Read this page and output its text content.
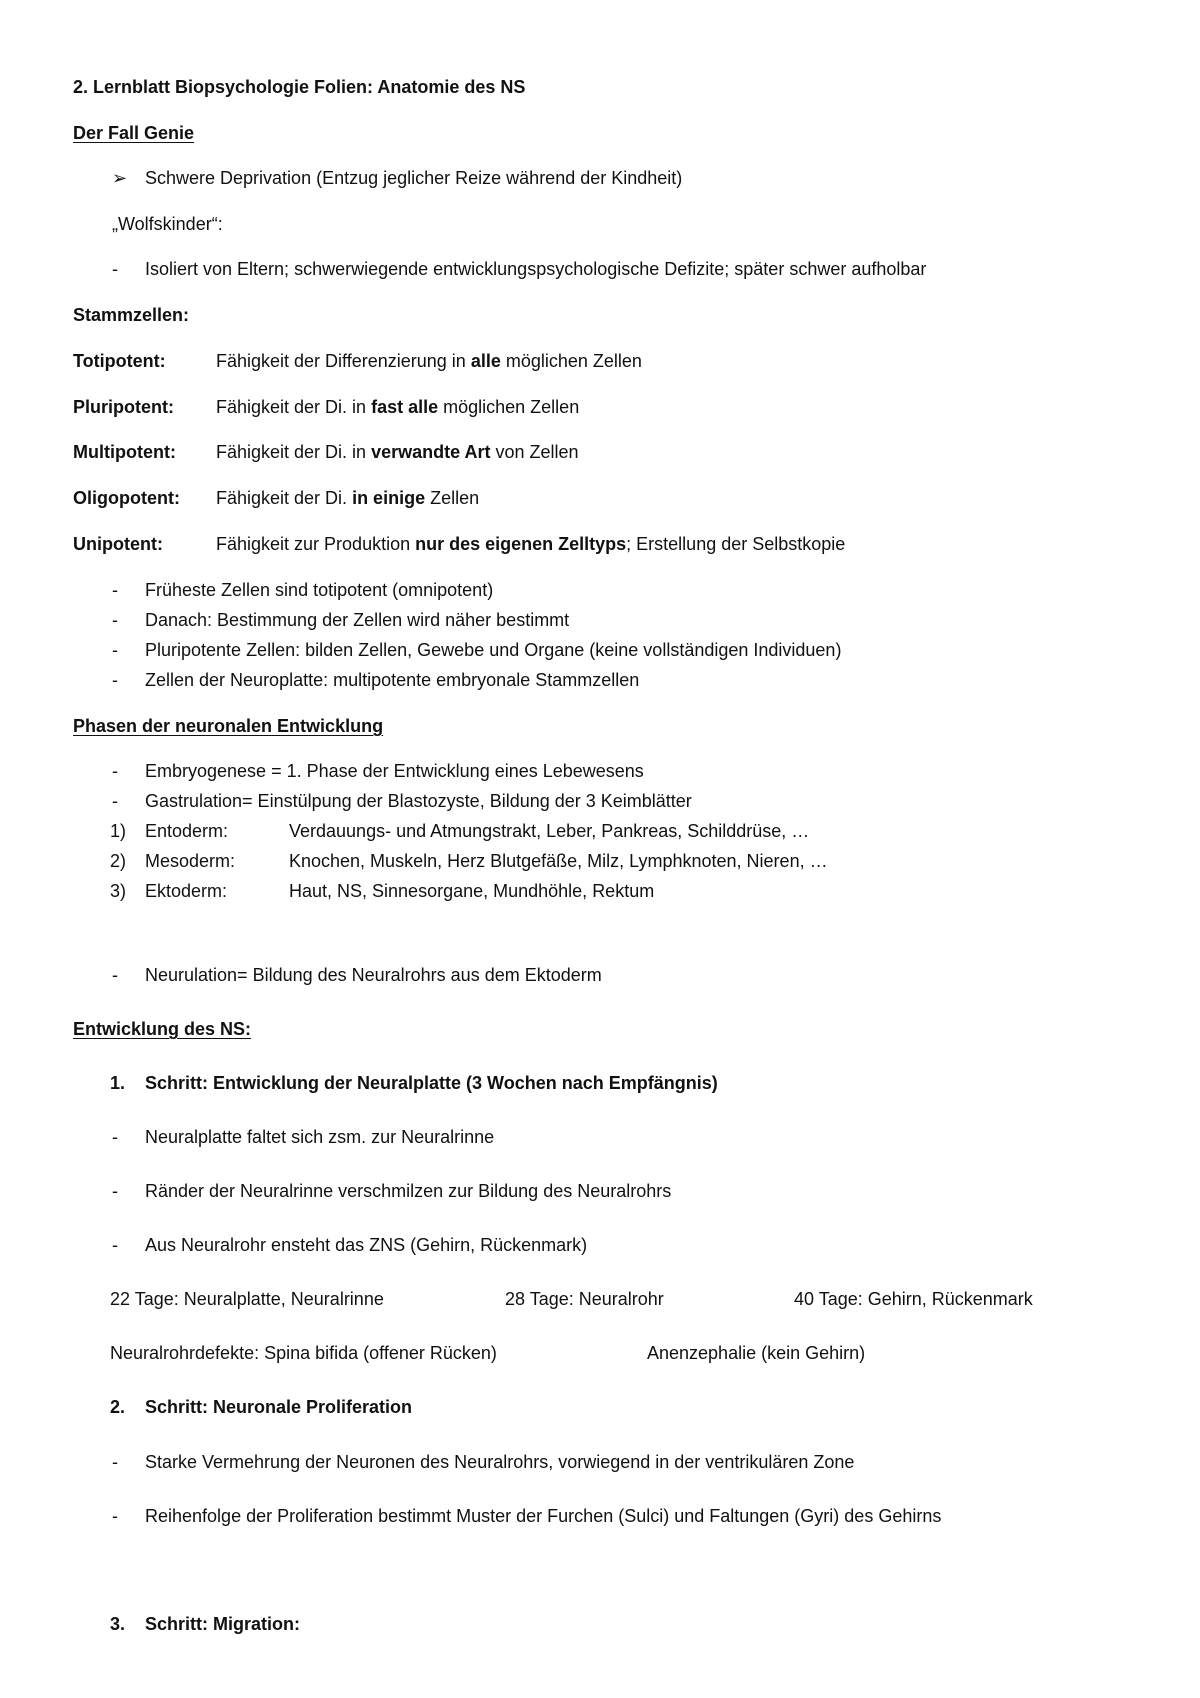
2. Lernblatt Biopsychologie Folien: Anatomie des NS
Der Fall Genie
➢ Schwere Deprivation (Entzug jeglicher Reize während der Kindheit)
„Wolfskinder“:
- Isoliert von Eltern; schwerwiegende entwicklungspsychologische Defizite; später schwer aufholbar
Stammzellen:
Totipotent:	Fähigkeit der Differenzierung in alle möglichen Zellen
Pluripotent: Fähigkeit der Di. in fast alle möglichen Zellen
Multipotent: Fähigkeit der Di. in verwandte Art von Zellen
Oligopotent: Fähigkeit der Di. in einige Zellen
Unipotent:	Fähigkeit zur Produktion nur des eigenen Zelltyps; Erstellung der Selbstkopie
- Früheste Zellen sind totipotent (omnipotent)
- Danach: Bestimmung der Zellen wird näher bestimmt
- Pluripotente Zellen: bilden Zellen, Gewebe und Organe (keine vollständigen Individuen)
- Zellen der Neuroplatte: multipotente embryonale Stammzellen
Phasen der neuronalen Entwicklung
- Embryogenese = 1. Phase der Entwicklung eines Lebewesens
- Gastrulation= Einstülpung der Blastozyste, Bildung der 3 Keimblätter
1) Entoderm:	Verdauungs- und Atmungstrakt, Leber, Pankreas, Schilddrüse, …
2) Mesoderm:	Knochen, Muskeln, Herz Blutgefäße, Milz, Lymphknoten, Nieren, …
3) Ektoderm:	Haut, NS, Sinnesorgane, Mundhöhle, Rektum
- Neurulation= Bildung des Neuralrohrs aus dem Ektoderm
Entwicklung des NS:
1. Schritt: Entwicklung der Neuralplatte (3 Wochen nach Empfängnis)
- Neuralplatte faltet sich zsm. zur Neuralrinne
- Ränder der Neuralrinne verschmilzen zur Bildung des Neuralrohrs
- Aus Neuralrohr ensteht das ZNS (Gehirn, Rückenmark)
22 Tage: Neuralplatte, Neuralrinne	28 Tage: Neuralrohr	40 Tage: Gehirn, Rückenmark
Neuralrohrdefekte: Spina bifida (offener Rücken)	Anenzephalie (kein Gehirn)
2. Schritt: Neuronale Proliferation
- Starke Vermehrung der Neuronen des Neuralrohrs, vorwiegend in der ventrikulären Zone
- Reihenfolge der Proliferation bestimmt Muster der Furchen (Sulci) und Faltungen (Gyri) des Gehirns
3. Schritt: Migration:
